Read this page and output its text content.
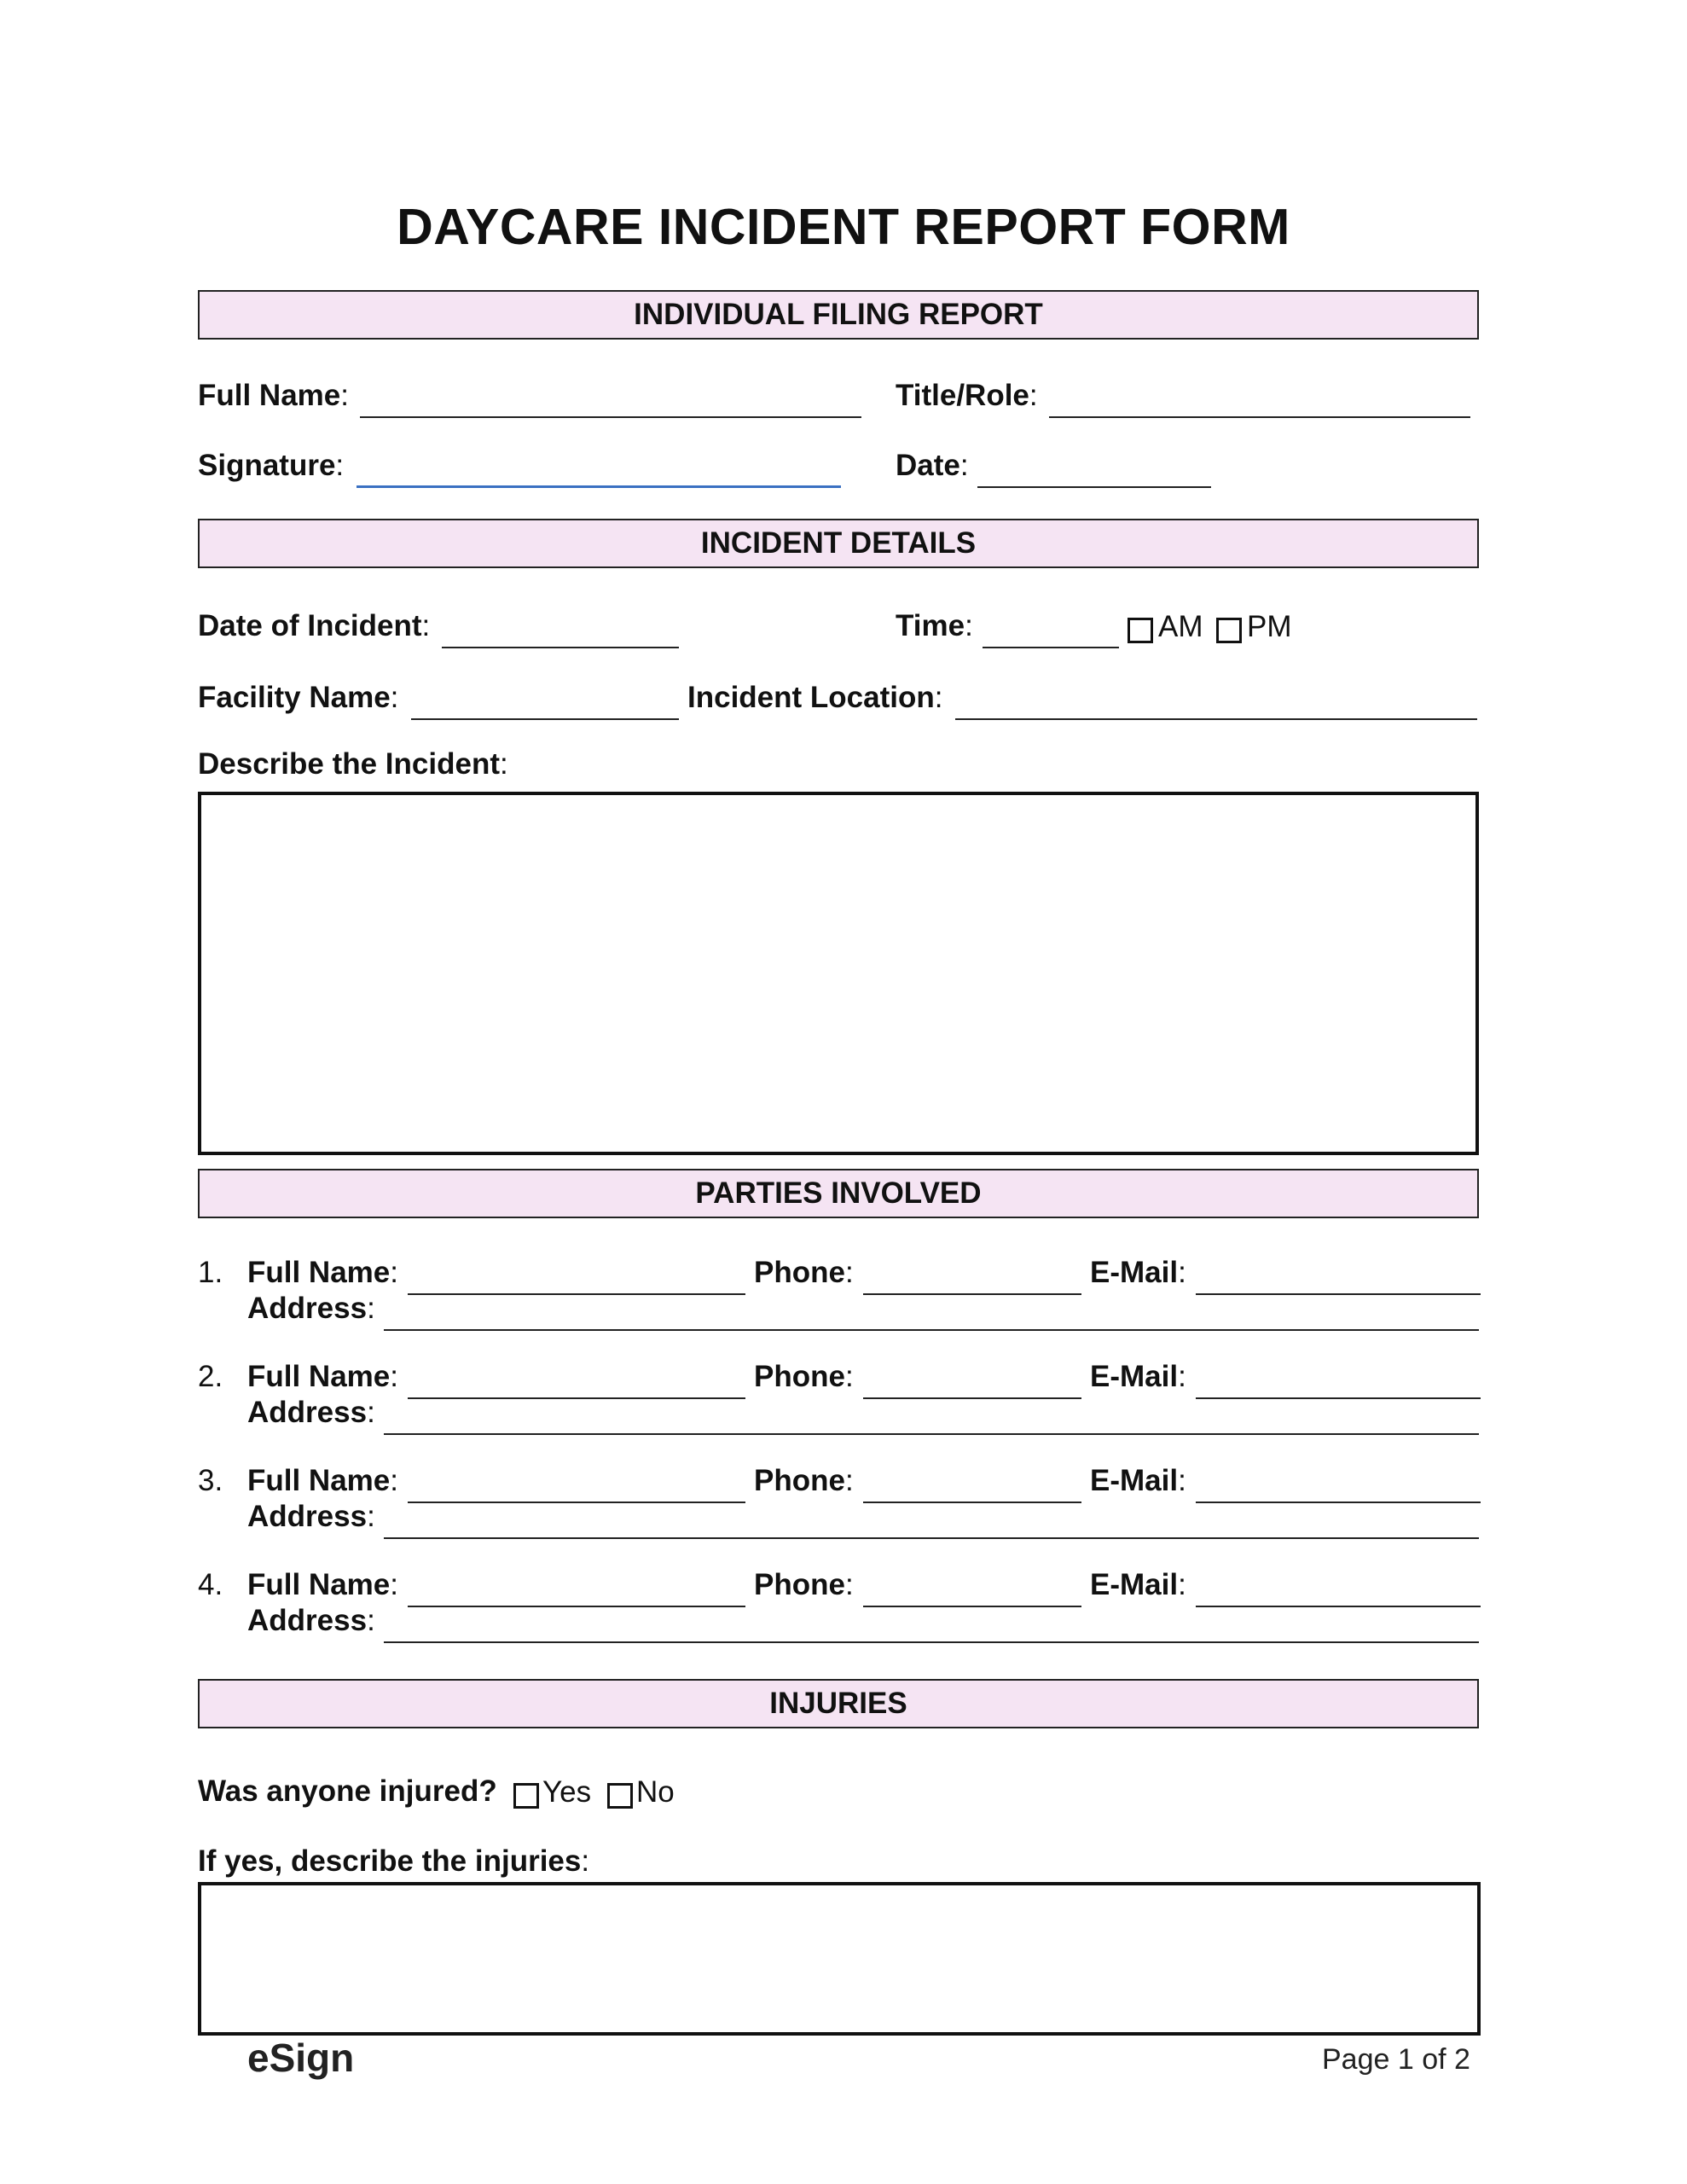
DAYCARE INCIDENT REPORT FORM
INDIVIDUAL FILING REPORT
Full Name:	Title/Role:
Signature:	Date:
INCIDENT DETAILS
Date of Incident:	Time:	AM PM
Facility Name:	Incident Location:
Describe the Incident:
PARTIES INVOLVED
1. Full Name:	Phone:	E-Mail:
Address:
2. Full Name:	Phone:	E-Mail:
Address:
3. Full Name:	Phone:	E-Mail:
Address:
4. Full Name:	Phone:	E-Mail:
Address:
INJURIES
Was anyone injured? Yes No
If yes, describe the injuries:
eSign	Page 1 of 2
